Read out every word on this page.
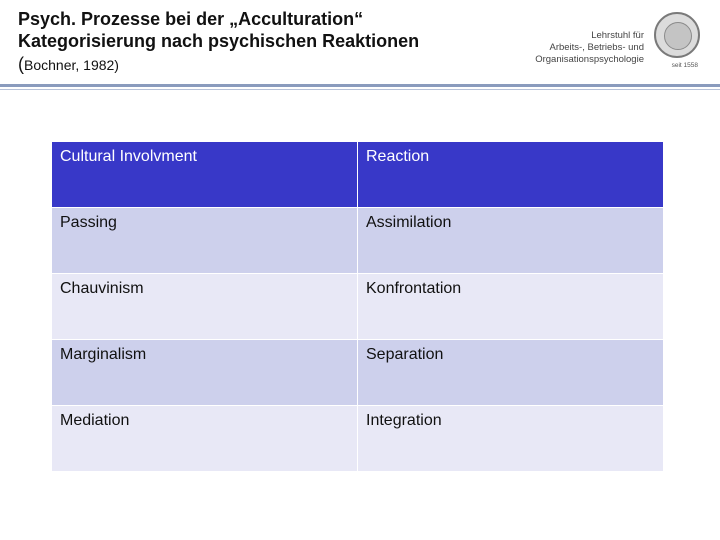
Psych. Prozesse bei der „Acculturation“
Kategorisierung nach psychischen Reaktionen
(Bochner, 1982)
Lehrstuhl für
Arbeits-, Betriebs- und
Organisationspsychologie
seit 1558
Cultural Involvment	Reaction
Passing	Assimilation
Chauvinism	Konfrontation
Marginalism	Separation
Mediation	Integration
